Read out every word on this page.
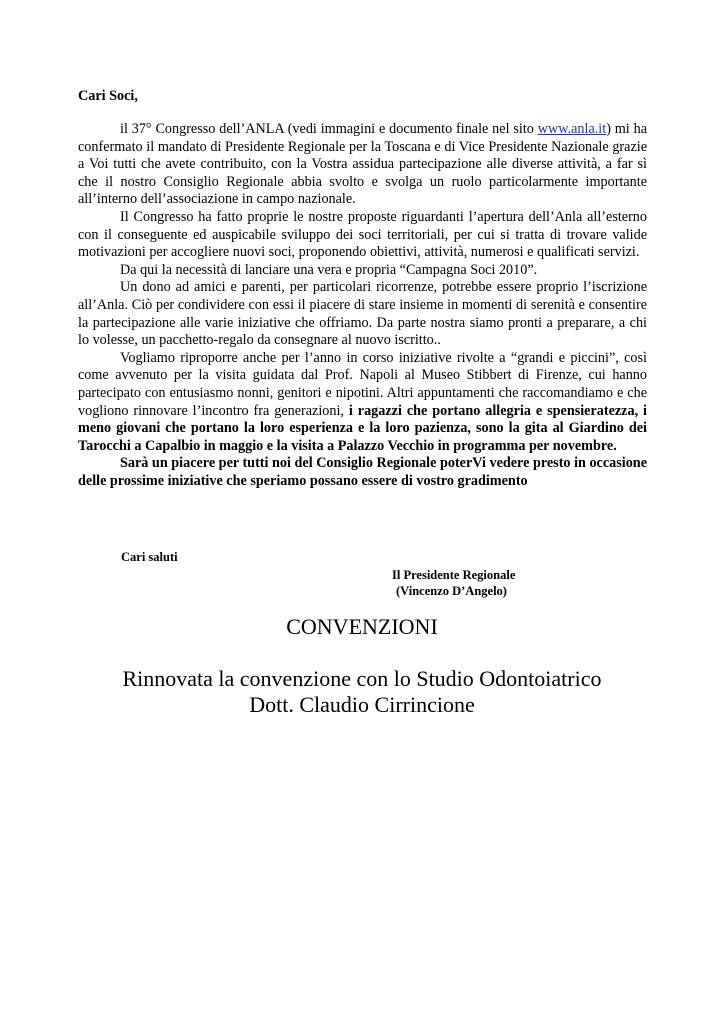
Cari Soci,

il 37° Congresso dell’ANLA (vedi immagini e documento finale nel sito www.anla.it) mi ha confermato il mandato di Presidente Regionale per la Toscana e di Vice Presidente Nazionale grazie a Voi tutti che avete contribuito, con la Vostra assidua partecipazione alle diverse attività, a far sì che il nostro Consiglio Regionale abbia svolto e svolga un ruolo particolarmente importante all’interno dell’associazione in campo nazionale.

Il Congresso ha fatto proprie le nostre proposte riguardanti l’apertura dell’Anla all’esterno con il conseguente ed auspicabile sviluppo dei soci territoriali, per cui si tratta di trovare valide motivazioni per accogliere nuovi soci, proponendo obiettivi, attività, numerosi e qualificati servizi.

Da qui la necessità di lanciare una vera e propria “Campagna Soci 2010”.

Un dono ad amici e parenti, per particolari ricorrenze, potrebbe essere proprio l’iscrizione all’Anla. Ciò per condividere con essi il piacere di stare insieme in momenti di serenità e consentire la partecipazione alle varie iniziative che offriamo. Da parte nostra siamo pronti a preparare, a chi lo volesse, un pacchetto-regalo da consegnare al nuovo iscritto..

Vogliamo riproporre anche per l’anno in corso iniziative rivolte a “grandi e piccini”, così come avvenuto per la visita guidata dal Prof. Napoli al Museo Stibbert di Firenze, cui hanno partecipato con entusiasmo nonni, genitori e nipotini. Altri appuntamenti che raccomandiamo e che vogliono rinnovare l’incontro fra generazioni, i ragazzi che portano allegria e spensieratezza, i meno giovani che portano la loro esperienza e la loro pazienza, sono la gita al Giardino dei Tarocchi a Capalbio in maggio e la visita a Palazzo Vecchio in programma per novembre.

Sarà un piacere per tutti noi del Consiglio Regionale poterVi vedere presto in occasione delle prossime iniziative che speriamo possano essere di vostro gradimento

Cari saluti
Il Presidente Regionale
(Vincenzo D’Angelo)
CONVENZIONI
Rinnovata la convenzione con lo Studio Odontoiatrico
Dott. Claudio Cirrincione
